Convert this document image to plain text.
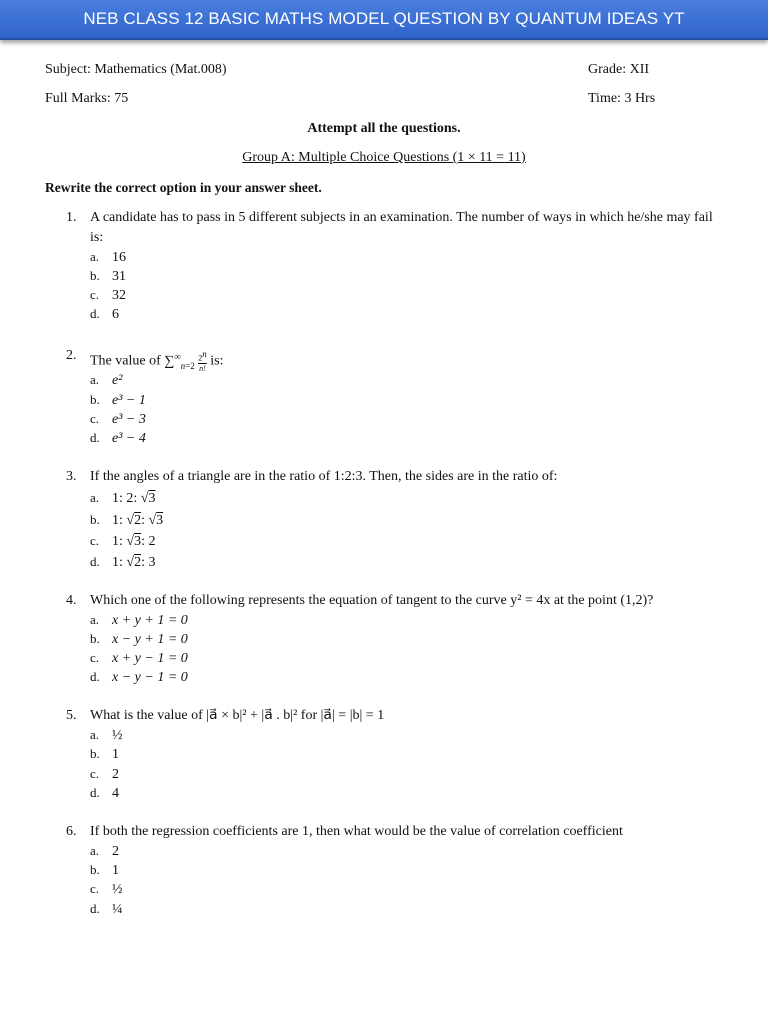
NEB CLASS 12 BASIC MATHS MODEL QUESTION BY QUANTUM IDEAS YT
Subject: Mathematics (Mat.008)	Grade: XII
Full Marks: 75	Time: 3 Hrs
Attempt all the questions.
Group A: Multiple Choice Questions (1 × 11 = 11)
Rewrite the correct option in your answer sheet.
1. A candidate has to pass in 5 different subjects in an examination. The number of ways in which he/she may fail is:
a. 16
b. 31
c. 32
d. 6
2. The value of $\sum^\infty_{n=2} \frac{2^n}{n!}$ is:
a. e²
b. e³ − 1
c. e³ − 3
d. e³ − 4
3. If the angles of a triangle are in the ratio of 1:2:3. Then, the sides are in the ratio of:
a. 1: 2: √3
b. 1: √2: √3
c. 1: √3: 2
d. 1: √2: 3
4. Which one of the following represents the equation of tangent to the curve y² = 4x at the point (1,2)?
a. x + y + 1 = 0
b. x − y + 1 = 0
c. x + y − 1 = 0
d. x − y − 1 = 0
5. What is the value of |a⃗ × b|² + |a⃗ . b|² for |a⃗| = |b| = 1
a. ½
b. 1
c. 2
d. 4
6. If both the regression coefficients are 1, then what would be the value of correlation coefficient
a. 2
b. 1
c. ½
d. ¼
